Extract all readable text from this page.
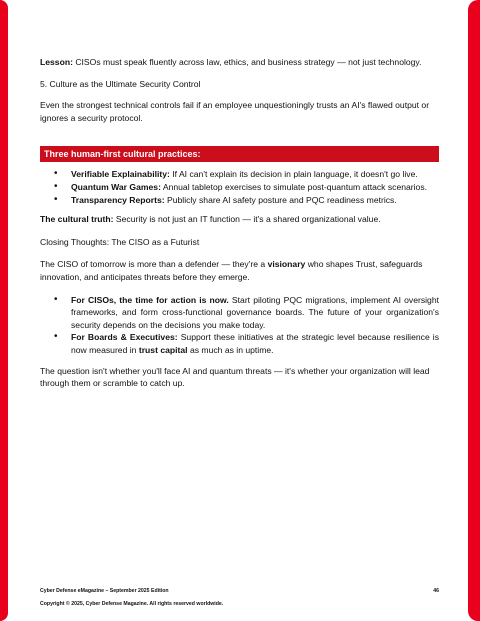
Lesson: CISOs must speak fluently across law, ethics, and business strategy — not just technology.

5. Culture as the Ultimate Security Control

Even the strongest technical controls fail if an employee unquestioningly trusts an AI's flawed output or ignores a security protocol.

Three human-first cultural practices:
• Verifiable Explainability: If AI can't explain its decision in plain language, it doesn't go live.
• Quantum War Games: Annual tabletop exercises to simulate post-quantum attack scenarios.
• Transparency Reports: Publicly share AI safety posture and PQC readiness metrics.

The cultural truth: Security is not just an IT function — it's a shared organizational value.

Closing Thoughts: The CISO as a Futurist

The CISO of tomorrow is more than a defender — they're a visionary who shapes Trust, safeguards innovation, and anticipates threats before they emerge.

• For CISOs, the time for action is now. Start piloting PQC migrations, implement AI oversight frameworks, and form cross-functional governance boards. The future of your organization's security depends on the decisions you make today.
• For Boards & Executives: Support these initiatives at the strategic level because resilience is now measured in trust capital as much as in uptime.

The question isn't whether you'll face AI and quantum threats — it's whether your organization will lead through them or scramble to catch up.

Cyber Defense eMagazine – September 2025 Edition	46
Copyright © 2025, Cyber Defense Magazine. All rights reserved worldwide.
